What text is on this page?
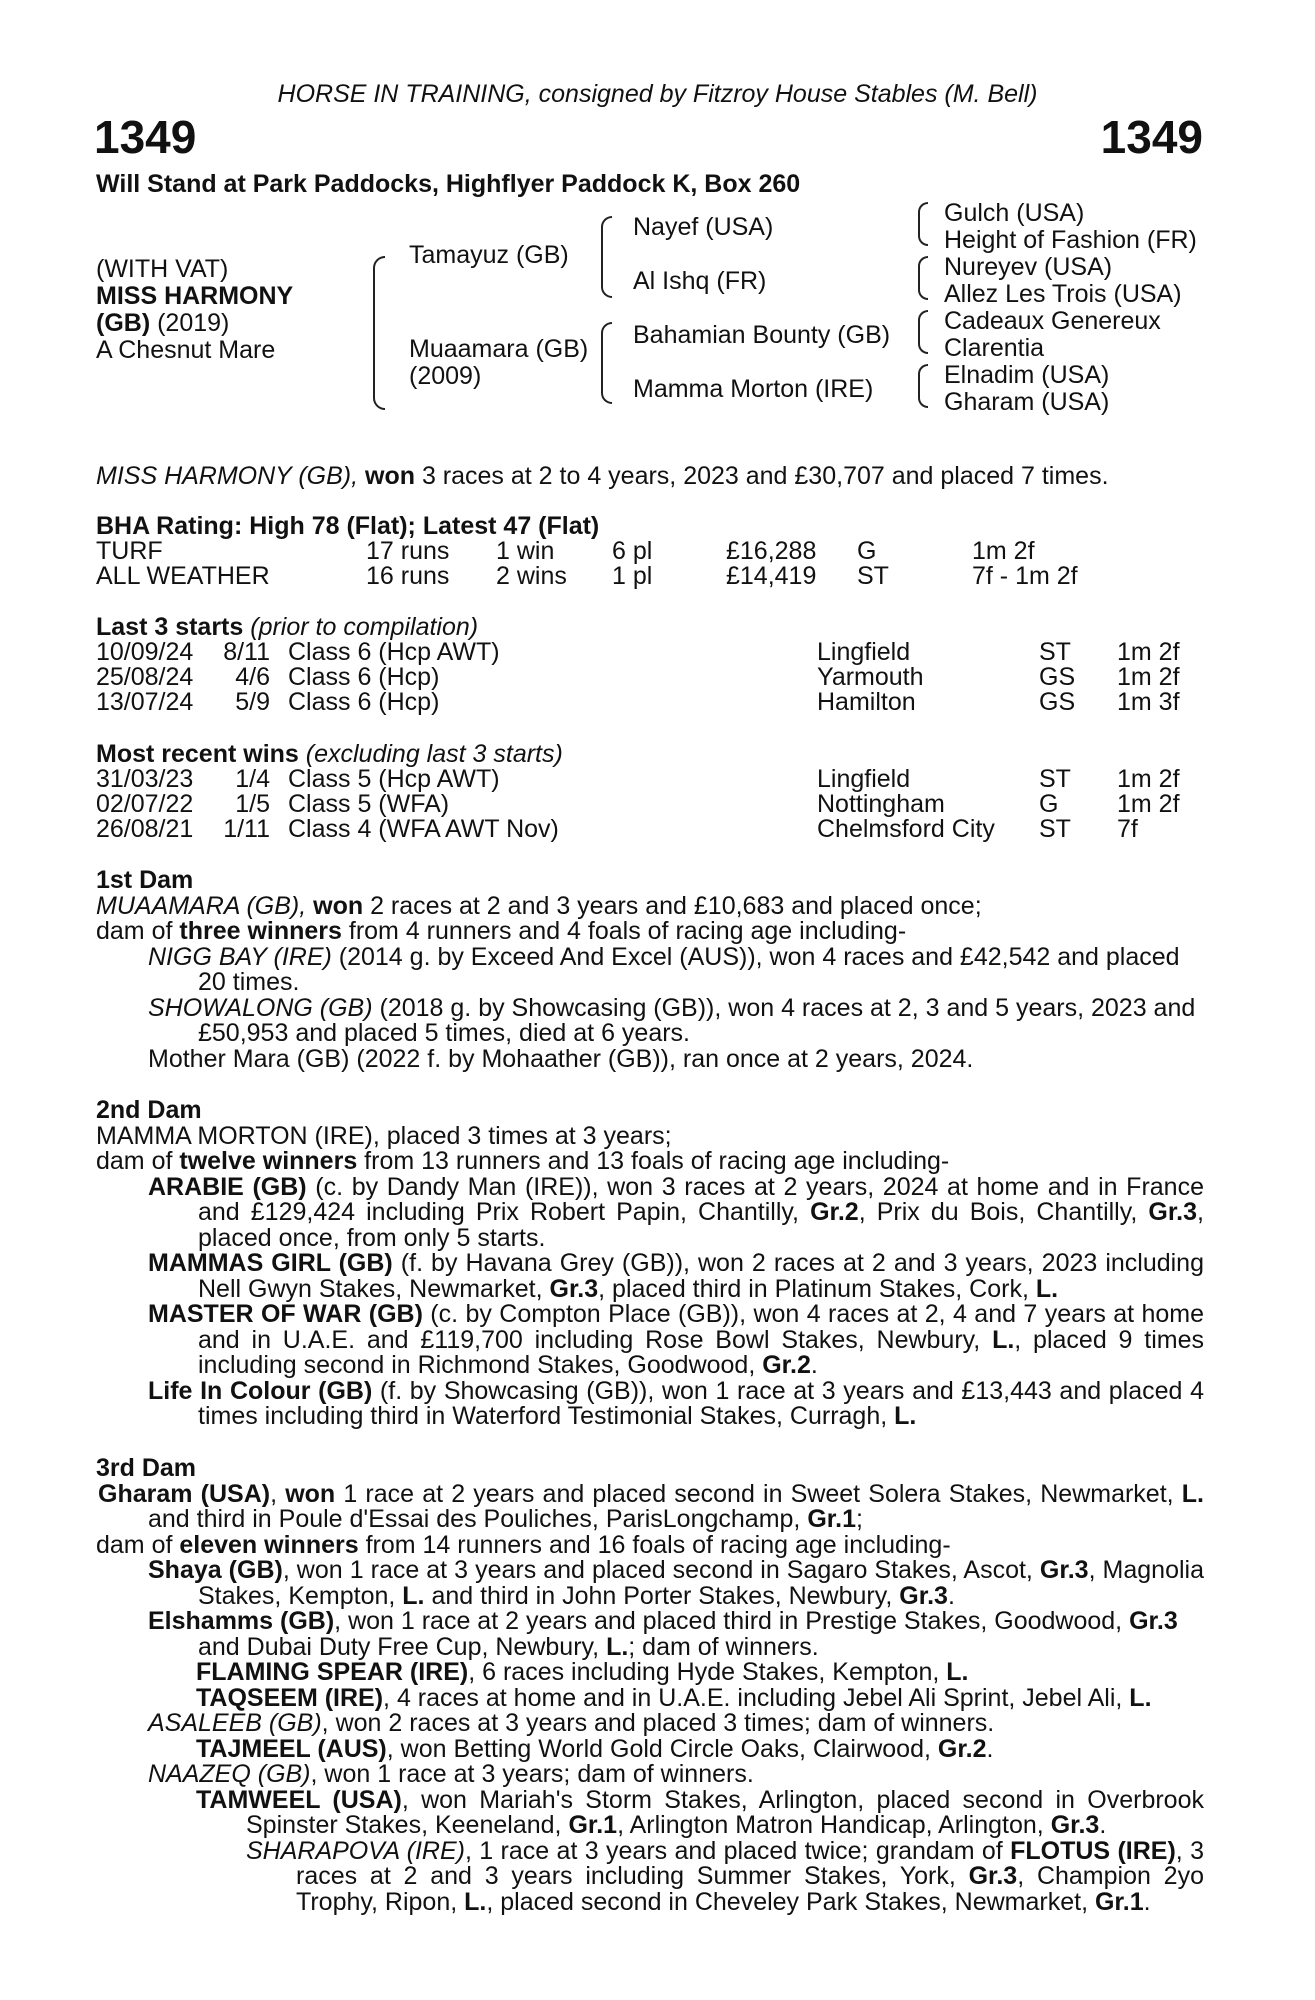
HORSE IN TRAINING, consigned by Fitzroy House Stables (M. Bell)
1349	1349
Will Stand at Park Paddocks, Highflyer Paddock K, Box 260
(WITH VAT)
MISS HARMONY
(GB) (2019)
A Chesnut Mare
Tamayuz (GB)
Muaamara (GB)
(2009)
Nayef (USA)
Al Ishq (FR)
Bahamian Bounty (GB)
Mamma Morton (IRE)
Gulch (USA)
Height of Fashion (FR)
Nureyev (USA)
Allez Les Trois (USA)
Cadeaux Genereux
Clarentia
Elnadim (USA)
Gharam (USA)
MISS HARMONY (GB), won 3 races at 2 to 4 years, 2023 and £30,707 and placed 7 times.
BHA Rating: High 78 (Flat); Latest 47 (Flat)
TURF	17 runs 1 win 6 pl	£16,288 G	1m 2f
ALL WEATHER	16 runs 2 wins 1 pl	£14,419 ST	7f - 1m 2f
Last 3 starts (prior to compilation)
10/09/24	8/11 Class 6 (Hcp AWT)	Lingfield	ST 1m 2f
25/08/24	4/6 Class 6 (Hcp)	Yarmouth	GS 1m 2f
13/07/24	5/9 Class 6 (Hcp)	Hamilton	GS 1m 3f
Most recent wins (excluding last 3 starts)
31/03/23	1/4 Class 5 (Hcp AWT)	Lingfield	ST 1m 2f
02/07/22	1/5 Class 5 (WFA)	Nottingham	G 1m 2f
26/08/21	1/11 Class 4 (WFA AWT Nov)	Chelmsford City ST 7f

1st Dam

MUAAMARA (GB), won 2 races at 2 and 3 years and £10,683 and placed once;

dam of three winners from 4 runners and 4 foals of racing age including-

NIGG BAY (IRE) (2014 g. by Exceed And Excel (AUS)), won 4 races and £42,542 and placed 20 times.

SHOWALONG (GB) (2018 g. by Showcasing (GB)), won 4 races at 2, 3 and 5 years, 2023 and £50,953 and placed 5 times, died at 6 years.

Mother Mara (GB) (2022 f. by Mohaather (GB)), ran once at 2 years, 2024.

2nd Dam

MAMMA MORTON (IRE), placed 3 times at 3 years;

dam of twelve winners from 13 runners and 13 foals of racing age including-

ARABIE (GB) (c. by Dandy Man (IRE)), won 3 races at 2 years, 2024 at home and in France and £129,424 including Prix Robert Papin, Chantilly, Gr.2, Prix du Bois, Chantilly, Gr.3, placed once, from only 5 starts.

MAMMAS GIRL (GB) (f. by Havana Grey (GB)), won 2 races at 2 and 3 years, 2023 including Nell Gwyn Stakes, Newmarket, Gr.3, placed third in Platinum Stakes, Cork, L.

MASTER OF WAR (GB) (c. by Compton Place (GB)), won 4 races at 2, 4 and 7 years at home and in U.A.E. and £119,700 including Rose Bowl Stakes, Newbury, L., placed 9 times including second in Richmond Stakes, Goodwood, Gr.2.

Life In Colour (GB) (f. by Showcasing (GB)), won 1 race at 3 years and £13,443 and placed 4 times including third in Waterford Testimonial Stakes, Curragh, L.

3rd Dam

Gharam (USA), won 1 race at 2 years and placed second in Sweet Solera Stakes, Newmarket, L. and third in Poule d'Essai des Pouliches, ParisLongchamp, Gr.1;

dam of eleven winners from 14 runners and 16 foals of racing age including-

Shaya (GB), won 1 race at 3 years and placed second in Sagaro Stakes, Ascot, Gr.3, Magnolia Stakes, Kempton, L. and third in John Porter Stakes, Newbury, Gr.3.

Elshamms (GB), won 1 race at 2 years and placed third in Prestige Stakes, Goodwood, Gr.3 and Dubai Duty Free Cup, Newbury, L.; dam of winners.

FLAMING SPEAR (IRE), 6 races including Hyde Stakes, Kempton, L.

TAQSEEM (IRE), 4 races at home and in U.A.E. including Jebel Ali Sprint, Jebel Ali, L.

ASALEEB (GB), won 2 races at 3 years and placed 3 times; dam of winners.

TAJMEEL (AUS), won Betting World Gold Circle Oaks, Clairwood, Gr.2.

NAAZEQ (GB), won 1 race at 3 years; dam of winners.

TAMWEEL (USA), won Mariah's Storm Stakes, Arlington, placed second in Overbrook Spinster Stakes, Keeneland, Gr.1, Arlington Matron Handicap, Arlington, Gr.3.

SHARAPOVA (IRE), 1 race at 3 years and placed twice; grandam of FLOTUS (IRE), 3 races at 2 and 3 years including Summer Stakes, York, Gr.3, Champion 2yo Trophy, Ripon, L., placed second in Cheveley Park Stakes, Newmarket, Gr.1.
